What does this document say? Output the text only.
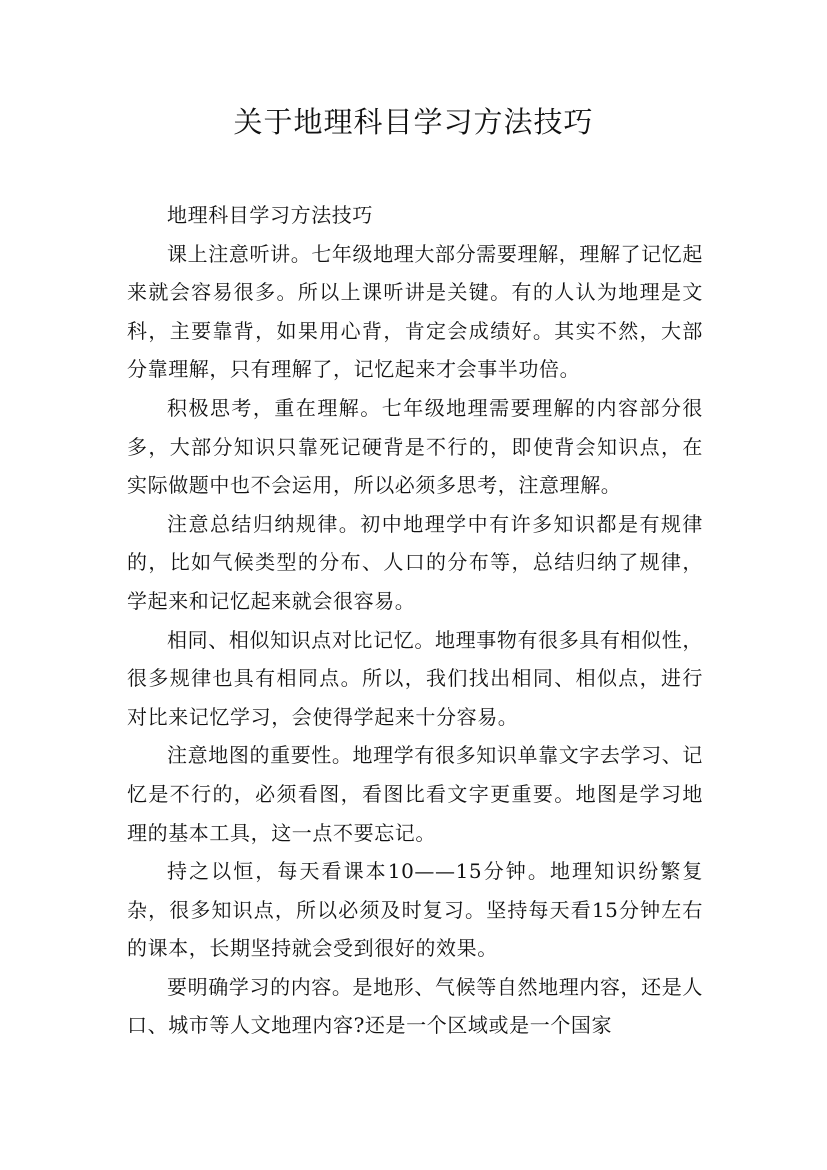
关于地理科目学习方法技巧

地理科目学习方法技巧

课上注意听讲。七年级地理大部分需要理解，理解了记忆起来就会容易很多。所以上课听讲是关键。有的人认为地理是文科，主要靠背，如果用心背，肯定会成绩好。其实不然，大部分靠理解，只有理解了，记忆起来才会事半功倍。

积极思考，重在理解。七年级地理需要理解的内容部分很多，大部分知识只靠死记硬背是不行的，即使背会知识点，在实际做题中也不会运用，所以必须多思考，注意理解。

注意总结归纳规律。初中地理学中有许多知识都是有规律的，比如气候类型的分布、人口的分布等，总结归纳了规律，学起来和记忆起来就会很容易。

相同、相似知识点对比记忆。地理事物有很多具有相似性，很多规律也具有相同点。所以，我们找出相同、相似点，进行对比来记忆学习，会使得学起来十分容易。

注意地图的重要性。地理学有很多知识单靠文字去学习、记忆是不行的，必须看图，看图比看文字更重要。地图是学习地理的基本工具，这一点不要忘记。

持之以恒，每天看课本10——15分钟。地理知识纷繁复杂，很多知识点，所以必须及时复习。坚持每天看15分钟左右的课本，长期坚持就会受到很好的效果。

要明确学习的内容。是地形、气候等自然地理内容，还是人口、城市等人文地理内容?还是一个区域或是一个国家
